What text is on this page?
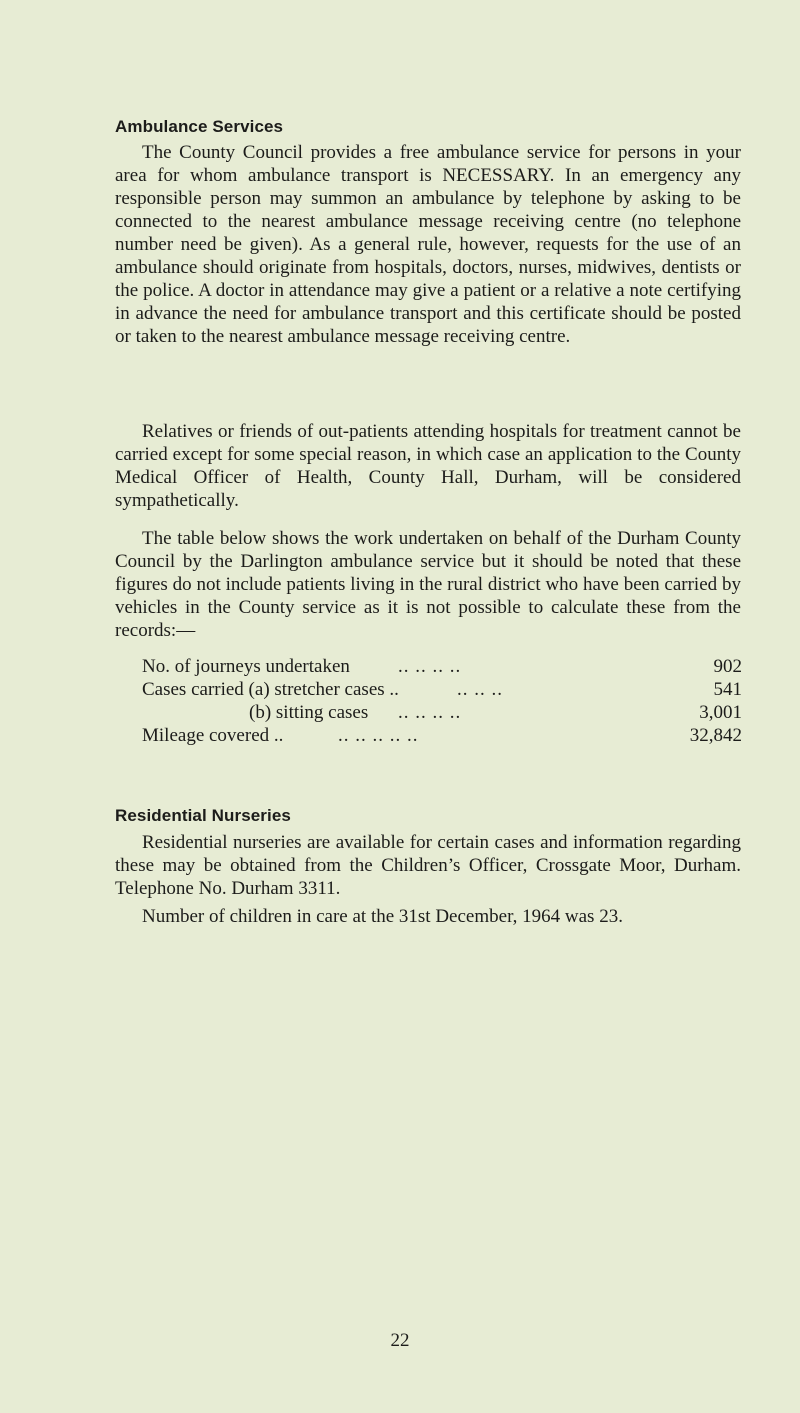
Ambulance Services

The County Council provides a free ambulance service for persons in your area for whom ambulance transport is NECESSARY. In an emergency any responsible person may summon an ambulance by telephone by asking to be connected to the nearest ambulance message receiving centre (no telephone number need be given). As a general rule, however, requests for the use of an ambulance should originate from hospitals, doctors, nurses, midwives, dentists or the police. A doctor in attendance may give a patient or a relative a note certifying in advance the need for ambulance transport and this certificate should be posted or taken to the nearest ambulance message receiving centre.

Relatives or friends of out-patients attending hospitals for treatment cannot be carried except for some special reason, in which case an application to the County Medical Officer of Health, County Hall, Durham, will be considered sympathetically.

The table below shows the work undertaken on behalf of the Durham County Council by the Darlington ambulance service but it should be noted that these figures do not include patients living in the rural district who have been carried by vehicles in the County service as it is not possible to calculate these from the records:—

No. of journeys undertaken	.. .. .. ..	902
Cases carried (a) stretcher cases ..	.. .. ..	541
(b) sitting cases .. .. .. ..	3,001
Mileage covered ..	.. .. .. .. ..	32,842
Residential Nurseries

Residential nurseries are available for certain cases and information regarding these may be obtained from the Children’s Officer, Crossgate Moor, Durham. Telephone No. Durham 3311.

Number of children in care at the 31st December, 1964 was 23.

22
